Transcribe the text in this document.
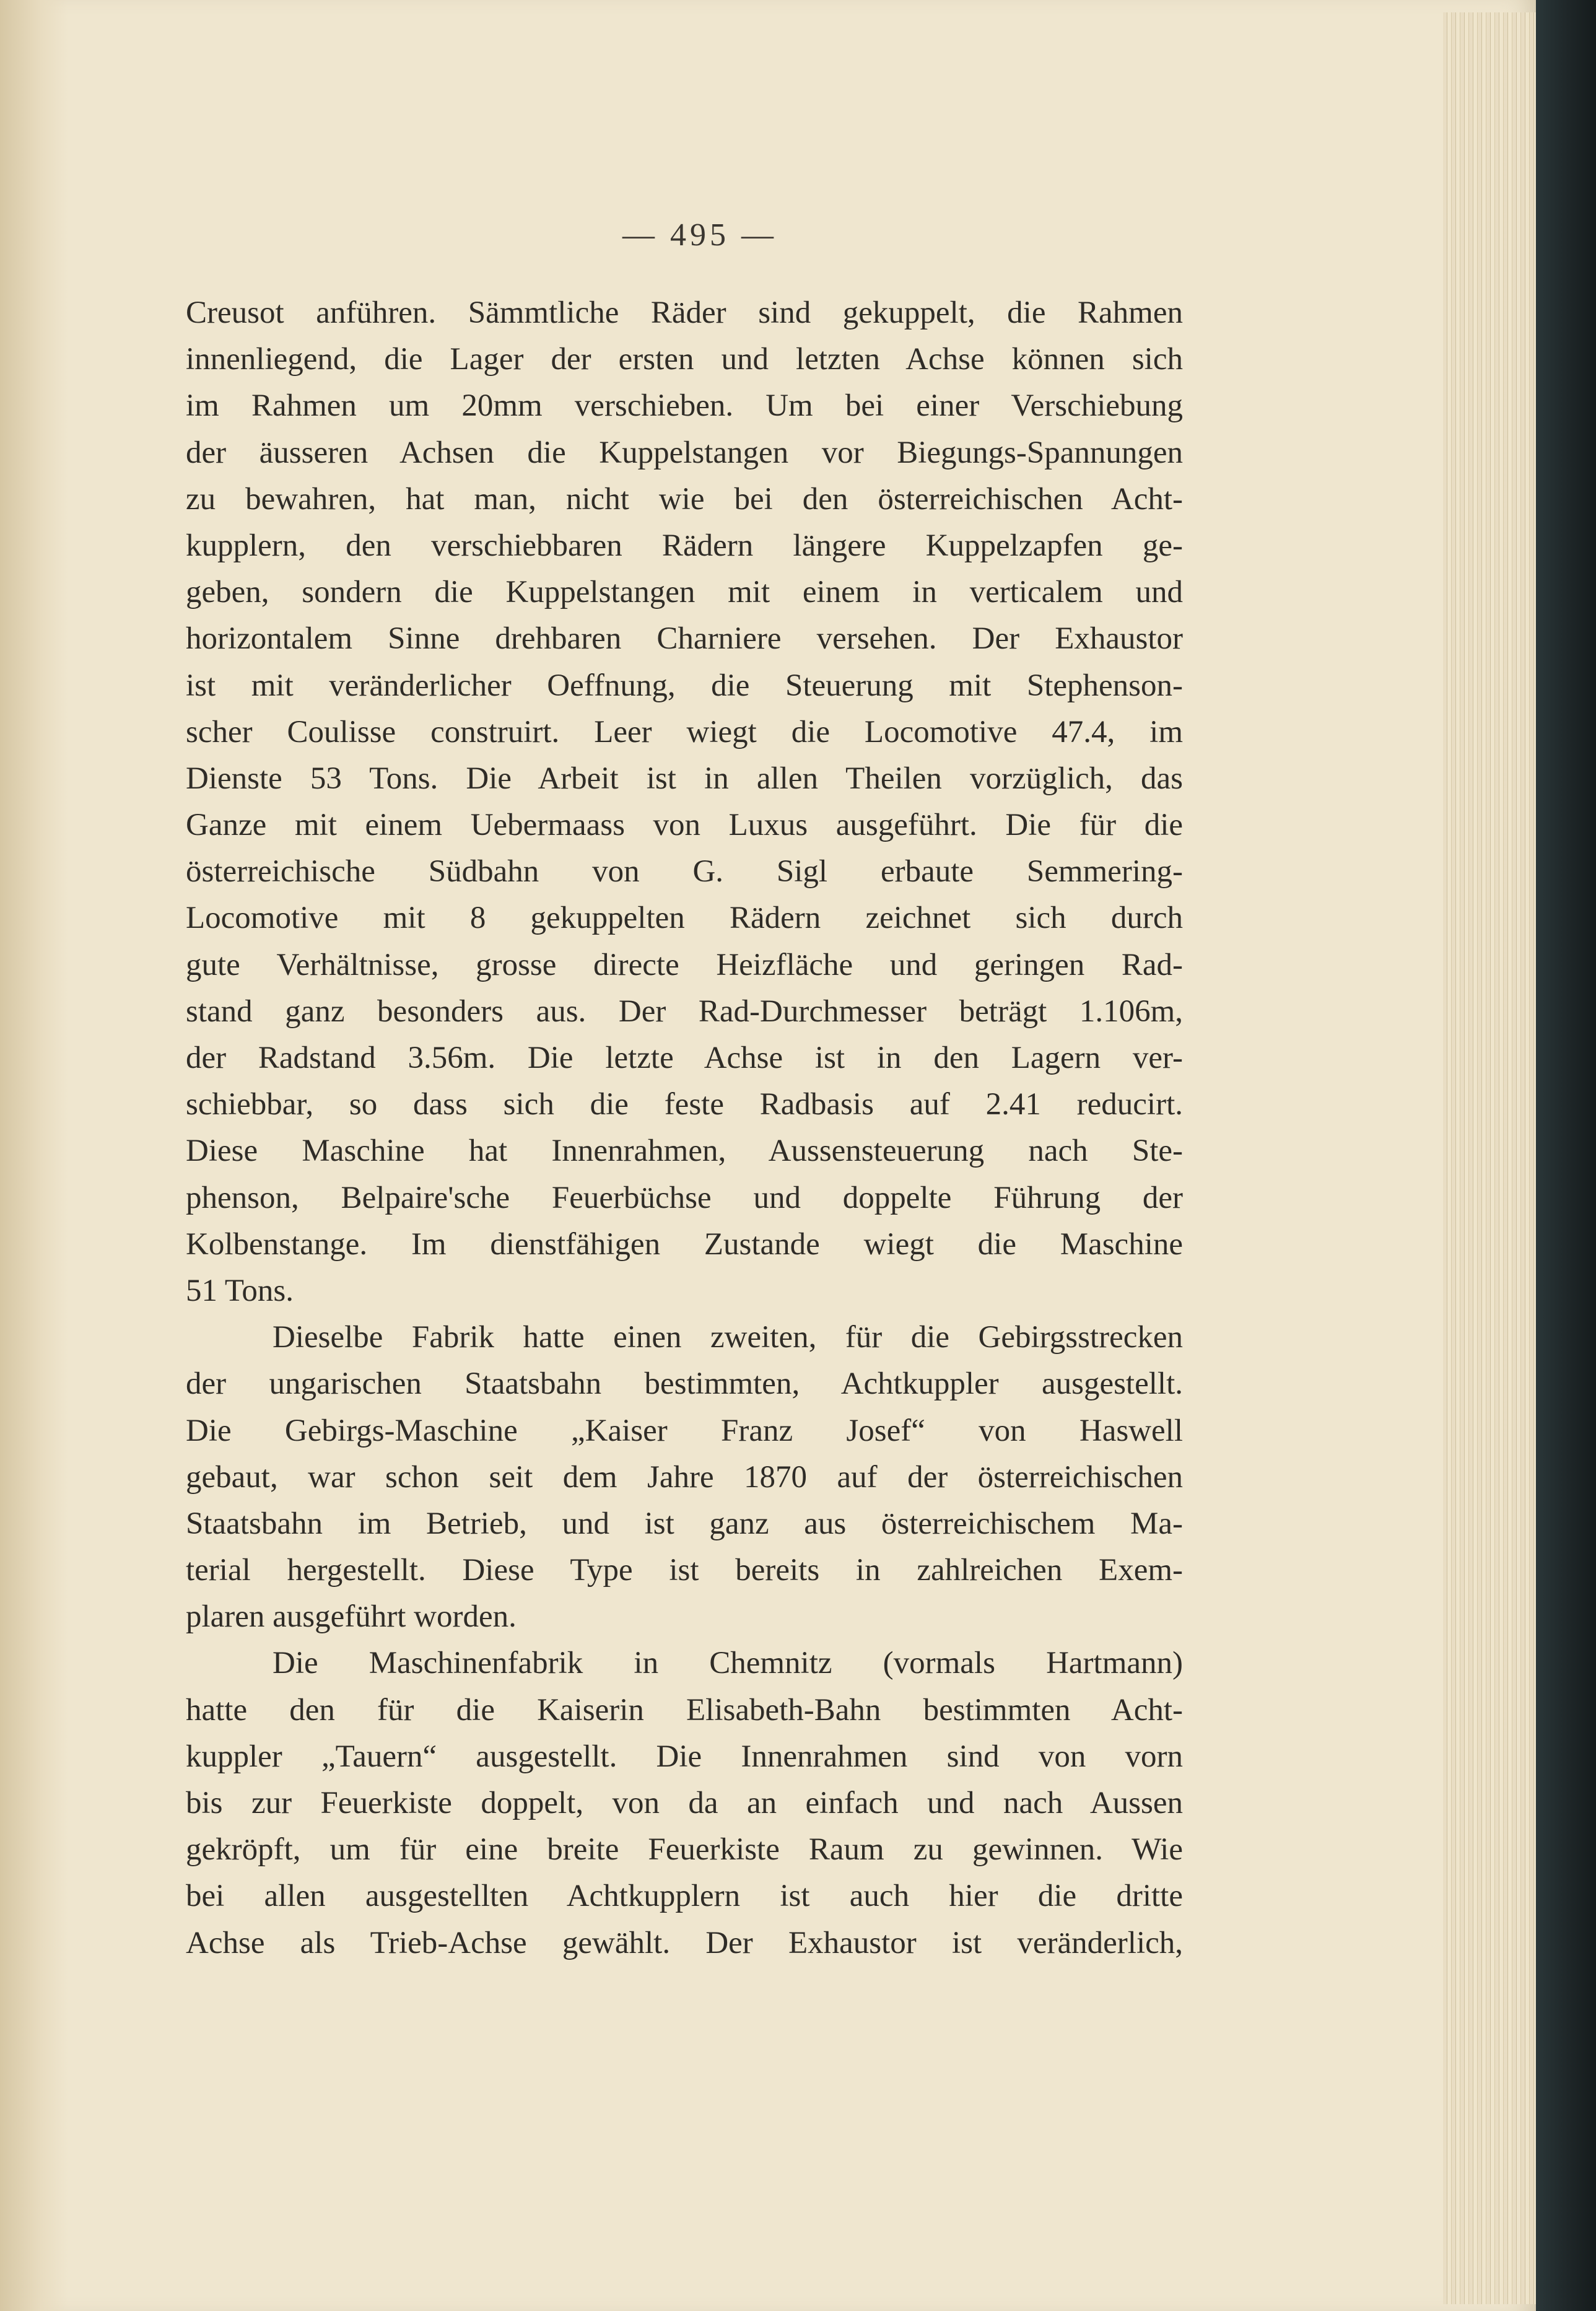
— 495 —
Creusot anführen. Sämmtliche Räder sind gekuppelt, die Rahmen
innenliegend, die Lager der ersten und letzten Achse können sich
im Rahmen um 20mm verschieben. Um bei einer Verschiebung
der äusseren Achsen die Kuppelstangen vor Biegungs-Spannungen
zu bewahren, hat man, nicht wie bei den österreichischen Acht-
kupplern, den verschiebbaren Rädern längere Kuppelzapfen ge-
geben, sondern die Kuppelstangen mit einem in verticalem und
horizontalem Sinne drehbaren Charniere versehen. Der Exhaustor
ist mit veränderlicher Oeffnung, die Steuerung mit Stephenson-
scher Coulisse construirt. Leer wiegt die Locomotive 47.4, im
Dienste 53 Tons. Die Arbeit ist in allen Theilen vorzüglich, das
Ganze mit einem Uebermaass von Luxus ausgeführt. Die für die
österreichische Südbahn von G. Sigl erbaute Semmering-
Locomotive mit 8 gekuppelten Rädern zeichnet sich durch
gute Verhältnisse, grosse directe Heizfläche und geringen Rad-
stand ganz besonders aus. Der Rad-Durchmesser beträgt 1.106m,
der Radstand 3.56m. Die letzte Achse ist in den Lagern ver-
schiebbar, so dass sich die feste Radbasis auf 2.41 reducirt.
Diese Maschine hat Innenrahmen, Aussensteuerung nach Ste-
phenson, Belpaire'sche Feuerbüchse und doppelte Führung der
Kolbenstange. Im dienstfähigen Zustande wiegt die Maschine
51 Tons.
Dieselbe Fabrik hatte einen zweiten, für die Gebirgsstrecken
der ungarischen Staatsbahn bestimmten, Achtkuppler ausgestellt.
Die Gebirgs-Maschine „Kaiser Franz Josef“ von Haswell
gebaut, war schon seit dem Jahre 1870 auf der österreichischen
Staatsbahn im Betrieb, und ist ganz aus österreichischem Ma-
terial hergestellt. Diese Type ist bereits in zahlreichen Exem-
plaren ausgeführt worden.
Die Maschinenfabrik in Chemnitz (vormals Hartmann)
hatte den für die Kaiserin Elisabeth-Bahn bestimmten Acht-
kuppler „Tauern“ ausgestellt. Die Innenrahmen sind von vorn
bis zur Feuerkiste doppelt, von da an einfach und nach Aussen
gekröpft, um für eine breite Feuerkiste Raum zu gewinnen. Wie
bei allen ausgestellten Achtkupplern ist auch hier die dritte
Achse als Trieb-Achse gewählt. Der Exhaustor ist veränderlich,
